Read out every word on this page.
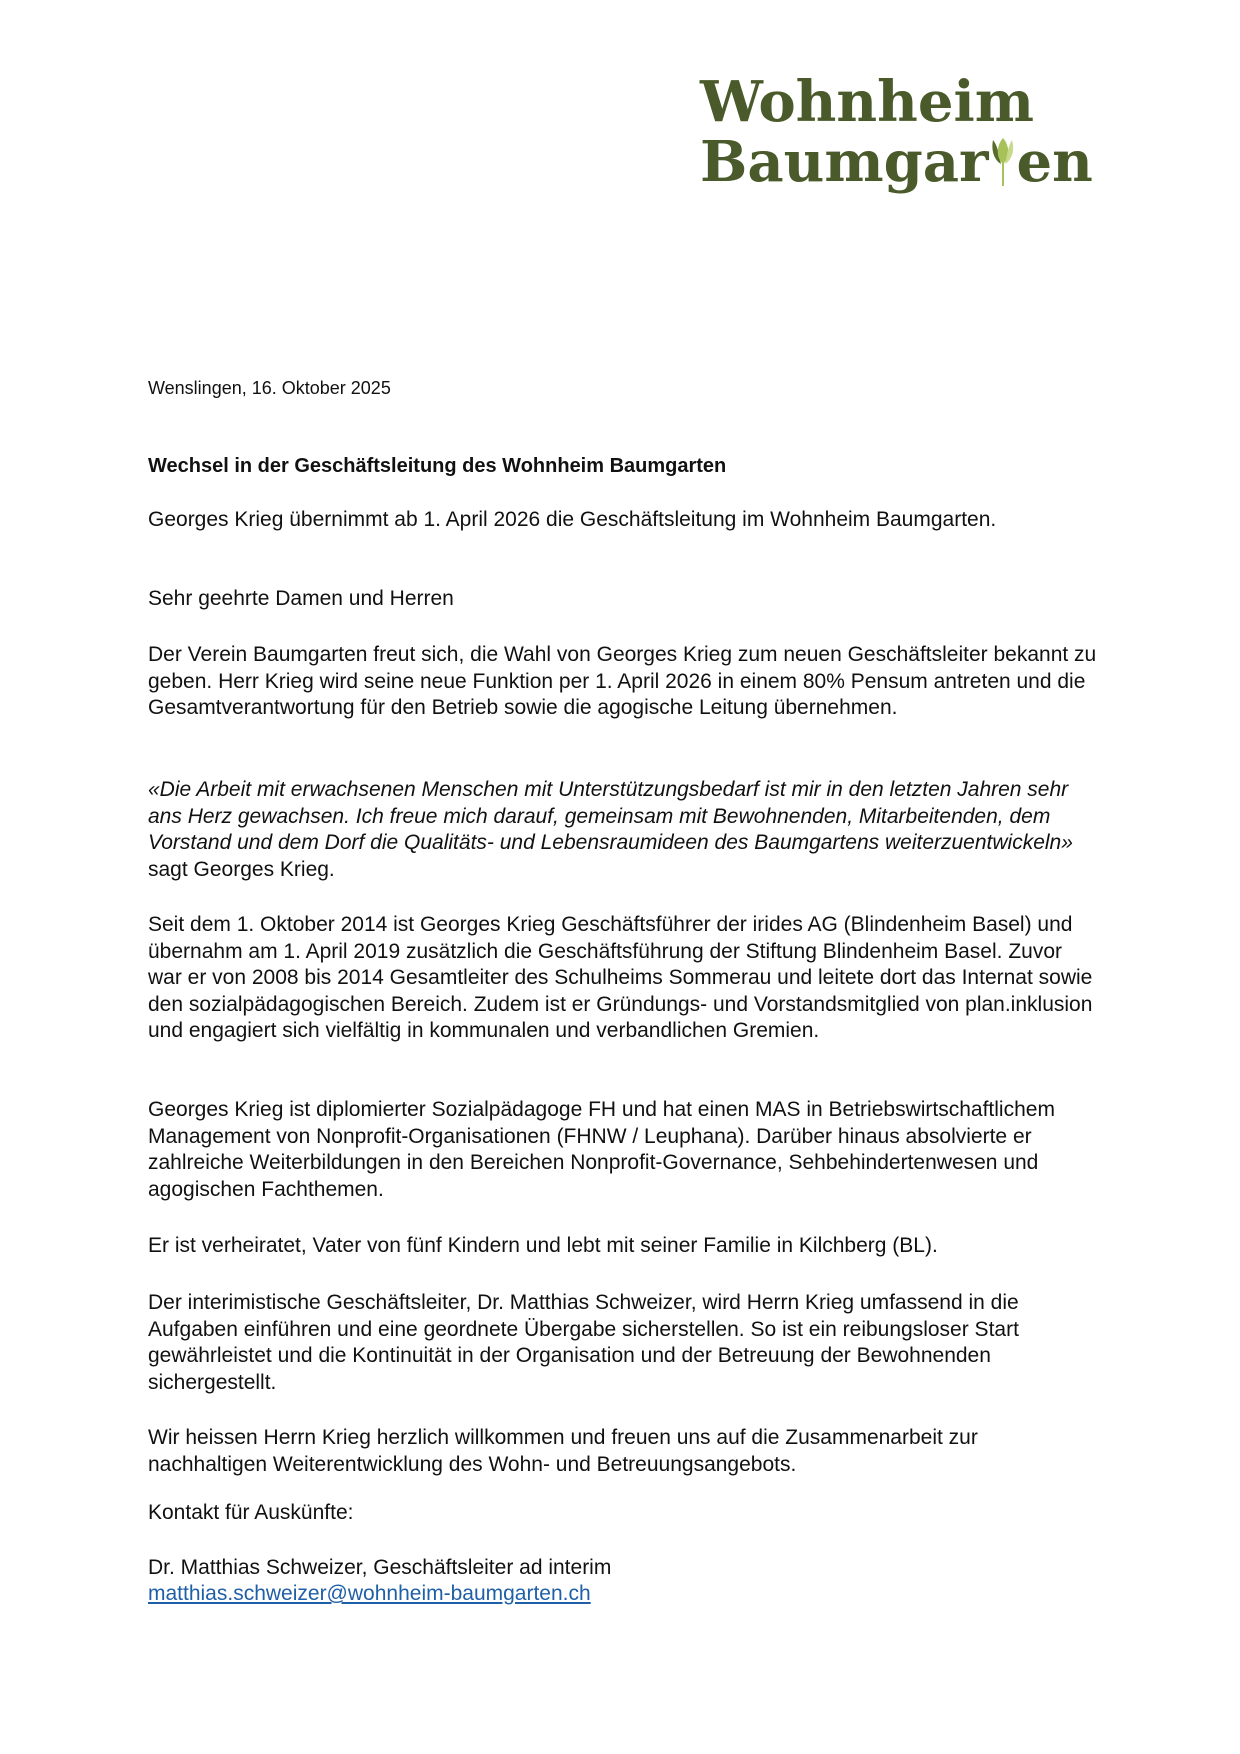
Wohnheim
Baumgar en
Wenslingen, 16. Oktober 2025
Wechsel in der Geschäftsleitung des Wohnheim Baumgarten
Georges Krieg übernimmt ab 1. April 2026 die Geschäftsleitung im Wohnheim Baumgarten.
Sehr geehrte Damen und Herren

Der Verein Baumgarten freut sich, die Wahl von Georges Krieg zum neuen Geschäftsleiter bekannt zu geben. Herr Krieg wird seine neue Funktion per 1. April 2026 in einem 80% Pensum antreten und die Gesamtverantwortung für den Betrieb sowie die agogische Leitung übernehmen.

«Die Arbeit mit erwachsenen Menschen mit Unterstützungsbedarf ist mir in den letzten Jahren sehr ans Herz gewachsen. Ich freue mich darauf, gemeinsam mit Bewohnenden, Mitarbeitenden, dem Vorstand und dem Dorf die Qualitäts- und Lebensraumideen des Baumgartens weiterzuentwickeln» sagt Georges Krieg.

Seit dem 1. Oktober 2014 ist Georges Krieg Geschäftsführer der irides AG (Blindenheim Basel) und übernahm am 1. April 2019 zusätzlich die Geschäftsführung der Stiftung Blindenheim Basel. Zuvor war er von 2008 bis 2014 Gesamtleiter des Schulheims Sommerau und leitete dort das Internat sowie den sozialpädagogischen Bereich. Zudem ist er Gründungs- und Vorstandsmitglied von plan.inklusion und engagiert sich vielfältig in kommunalen und verbandlichen Gremien.

Georges Krieg ist diplomierter Sozialpädagoge FH und hat einen MAS in Betriebswirtschaftlichem Management von Nonprofit-Organisationen (FHNW / Leuphana). Darüber hinaus absolvierte er zahlreiche Weiterbildungen in den Bereichen Nonprofit-Governance, Sehbehindertenwesen und agogischen Fachthemen.

Er ist verheiratet, Vater von fünf Kindern und lebt mit seiner Familie in Kilchberg (BL).

Der interimistische Geschäftsleiter, Dr. Matthias Schweizer, wird Herrn Krieg umfassend in die Aufgaben einführen und eine geordnete Übergabe sicherstellen. So ist ein reibungsloser Start gewährleistet und die Kontinuität in der Organisation und der Betreuung der Bewohnenden sichergestellt.

Wir heissen Herrn Krieg herzlich willkommen und freuen uns auf die Zusammenarbeit zur nachhaltigen Weiterentwicklung des Wohn- und Betreuungsangebots.

Kontakt für Auskünfte:
Dr. Matthias Schweizer, Geschäftsleiter ad interim
matthias.schweizer@wohnheim-baumgarten.ch
